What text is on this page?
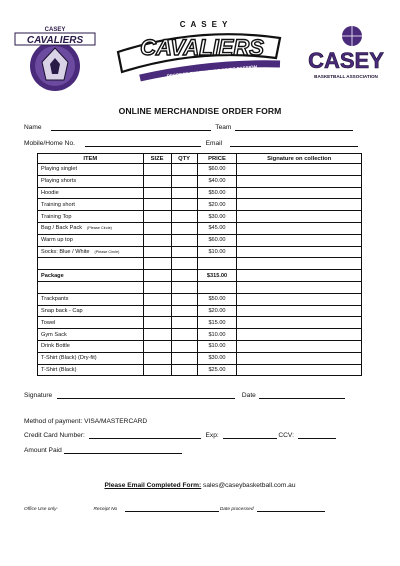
CASEY
CAVALIERS
CASEY
CAVALIERS
RESPECT EXCELLENCE PRIDE PASSION CASEY
BASKETBALL ASSOCIATION
ONLINE MERCHANDISE ORDER FORM
Name	Team
Mobile/Home No.	Email
ITEM	SIZE	QTY	PRICE	Signature on collection
Playing singlet			$60.00	
Playing shorts			$40.00	
Hoodie			$50.00	
Training short			$20.00	
Training Top			$30.00	
Bag / Back Pack (Please Circle)			$45.00	
Warm up top			$60.00	
Socks: Blue / White (Please Circle)			$10.00	

Package			$315.00	

Trackpants			$50.00	
Snap back - Cap			$20.00	
Towel			$15.00	
Gym Sack			$10.00	
Drink Bottle			$10.00	
T-Shirt (Black) (Dry-fit)			$30.00	
T-Shirt (Black)			$25.00	
Signature	Date
Method of payment: VISA/MASTERCARD
Credit Card Number:	Exp:	CCV:
Amount Paid
Please Email Completed Form: sales@caseybasketball.com.au
Office Use only-	Receipt No	Date processed
